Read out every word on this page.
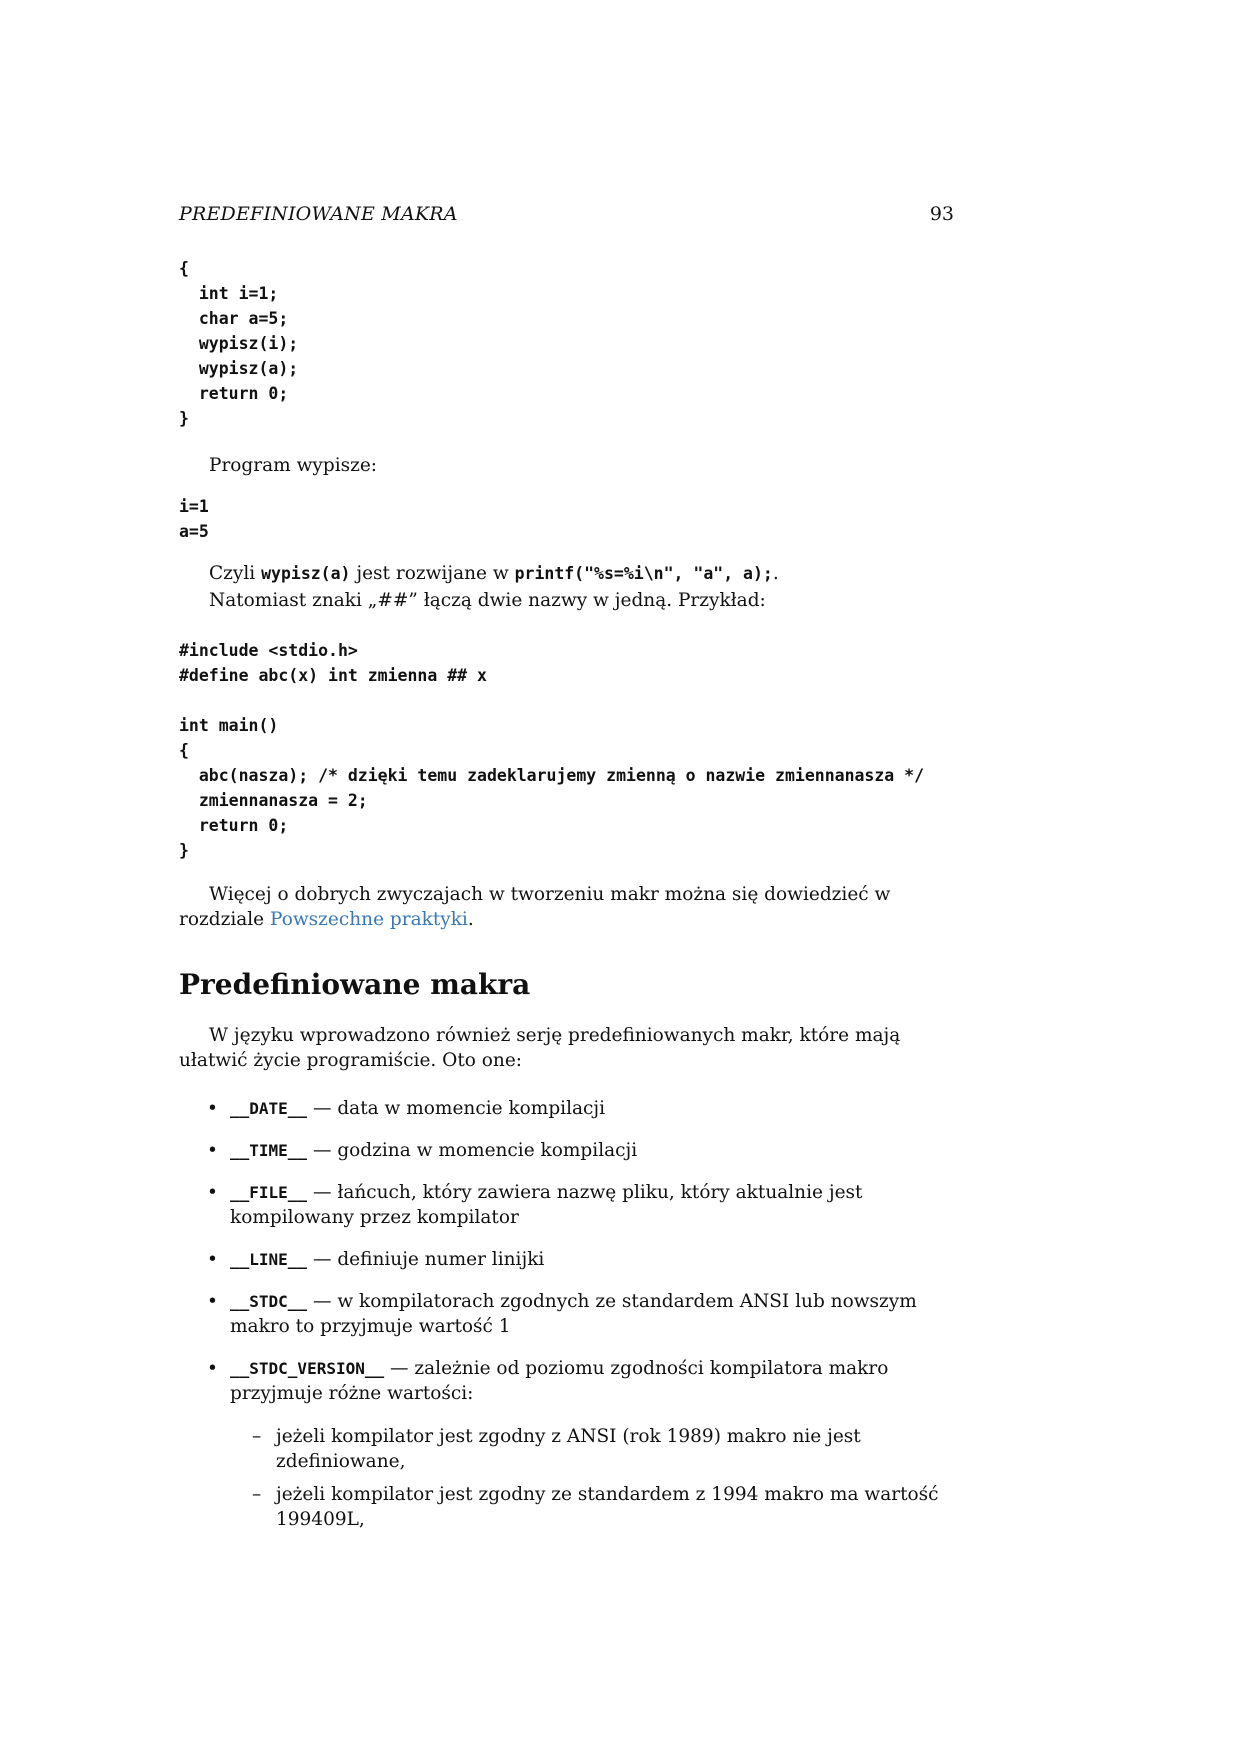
PREDEFINIOWANE MAKRA	93
{
int i=1;
char a=5;
wypisz(i);
wypisz(a);
return 0;
}

Program wypisze:

i=1
a=5

Czyli wypisz(a) jest rozwijane w printf("%s=%i\n", "a", a);.

Natomiast znaki „##” łączą dwie nazwy w jedną. Przykład:

#include <stdio.h>
#define abc(x) int zmienna ## x

int main()
{
abc(nasza); /* dzięki temu zadeklarujemy zmienną o nazwie zmiennanasza */
zmiennanasza = 2;
return 0;
}

Więcej o dobrych zwyczajach w tworzeniu makr można się dowiedzieć w rozdziale Powszechne praktyki.

Predefiniowane makra

W języku wprowadzono również serję predefiniowanych makr, które mają ułatwić życie programiście. Oto one:

• __DATE__ — data w momencie kompilacji
• __TIME__ — godzina w momencie kompilacji
• __FILE__ — łańcuch, który zawiera nazwę pliku, który aktualnie jest kompilowany przez kompilator
• __LINE__ — definiuje numer linijki
• __STDC__ — w kompilatorach zgodnych ze standardem ANSI lub nowszym makro to przyjmuje wartość 1
• __STDC_VERSION__ — zależnie od poziomu zgodności kompilatora makro przyjmuje różne wartości:
– jeżeli kompilator jest zgodny z ANSI (rok 1989) makro nie jest zdefiniowane,
– jeżeli kompilator jest zgodny ze standardem z 1994 makro ma wartość 199409L,
